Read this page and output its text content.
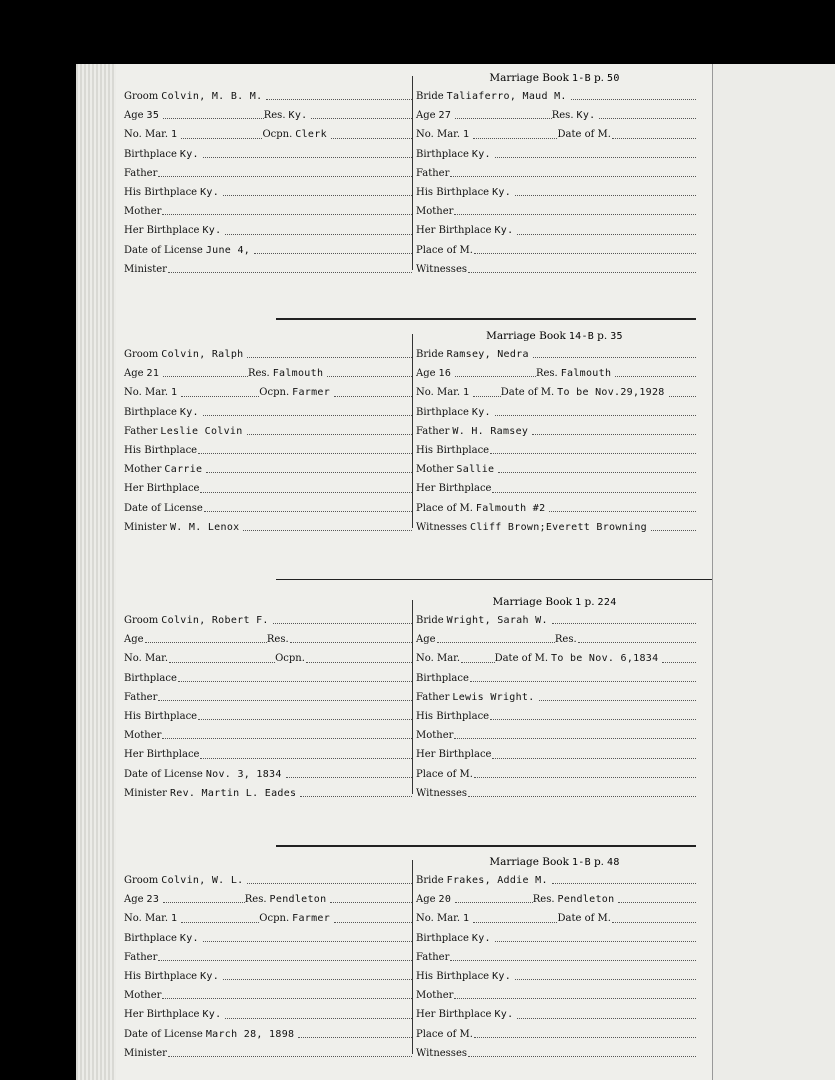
Groom Colvin, M. B. M.
Age 35	Res. Ky.
No. Mar. 1	Ocpn. Clerk
Birthplace Ky.
Father
His Birthplace Ky.
Mother
Her Birthplace Ky.
Date of License June 4,
Minister
Marriage Book 1-B p. 50
Bride Taliaferro, Maud M.
Age 27	Res. Ky.
No. Mar. 1	Date of M.
Birthplace Ky.
Father
His Birthplace Ky.
Mother
Her Birthplace Ky.
Place of M.
Witnesses
Groom Colvin, Ralph
Age 21	Res. Falmouth
No. Mar. 1	Ocpn. Farmer
Birthplace Ky.
Father Leslie Colvin
His Birthplace
Mother Carrie
Her Birthplace
Date of License
Minister W. M. Lenox
Marriage Book 14-B p. 35
Bride Ramsey, Nedra
Age 16	Res. Falmouth
No. Mar. 1	Date of M. To be Nov.29,1928
Birthplace Ky.
Father W. H. Ramsey
His Birthplace
Mother Sallie
Her Birthplace
Place of M. Falmouth #2
Witnesses Cliff Brown;Everett Browning
Groom Colvin, Robert F.
Age	Res.
No. Mar.	Ocpn.
Birthplace
Father
His Birthplace
Mother
Her Birthplace
Date of License Nov. 3, 1834
Minister Rev. Martin L. Eades
Marriage Book 1 p. 224
Bride Wright, Sarah W.
Age	Res.
No. Mar.	Date of M. To be Nov. 6,1834
Birthplace
Father Lewis Wright.
His Birthplace
Mother
Her Birthplace
Place of M.
Witnesses
Groom Colvin, W. L.
Age 23	Res. Pendleton
No. Mar. 1	Ocpn. Farmer
Birthplace Ky.
Father
His Birthplace Ky.
Mother
Her Birthplace Ky.
Date of License March 28, 1898
Minister
Marriage Book 1-B p. 48
Bride Frakes, Addie M.
Age 20	Res. Pendleton
No. Mar. 1	Date of M.
Birthplace Ky.
Father
His Birthplace Ky.
Mother
Her Birthplace Ky.
Place of M.
Witnesses
